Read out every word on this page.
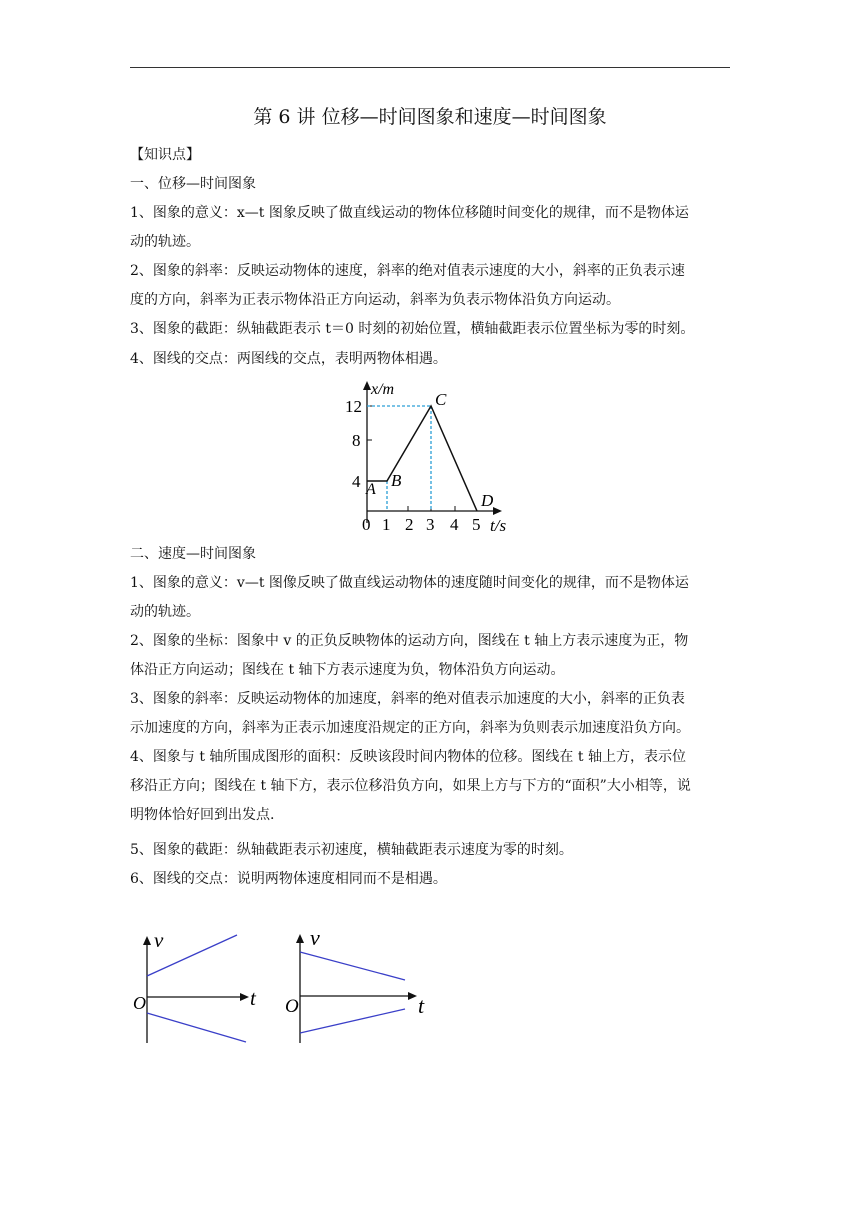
第 6 讲 位移—时间图象和速度—时间图象
【知识点】
一、位移—时间图象
1、图象的意义：x—t 图象反映了做直线运动的物体位移随时间变化的规律，而不是物体运
动的轨迹。
2、图象的斜率：反映运动物体的速度，斜率的绝对值表示速度的大小，斜率的正负表示速
度的方向，斜率为正表示物体沿正方向运动，斜率为负表示物体沿负方向运动。
3、图象的截距：纵轴截距表示 t＝0 时刻的初始位置，横轴截距表示位置坐标为零的时刻。
4、图线的交点：两图线的交点，表明两物体相遇。
12
8
4
0 1 2 3 4 5
x/m
t/s
A B
C
D
二、速度—时间图象
1、图象的意义：v—t 图像反映了做直线运动物体的速度随时间变化的规律，而不是物体运
动的轨迹。
2、图象的坐标：图象中 v 的正负反映物体的运动方向，图线在 t 轴上方表示速度为正，物
体沿正方向运动；图线在 t 轴下方表示速度为负，物体沿负方向运动。
3、图象的斜率：反映运动物体的加速度，斜率的绝对值表示加速度的大小，斜率的正负表
示加速度的方向，斜率为正表示加速度沿规定的正方向，斜率为负则表示加速度沿负方向。
4、图象与 t 轴所围成图形的面积：反映该段时间内物体的位移。图线在 t 轴上方，表示位
移沿正方向；图线在 t 轴下方，表示位移沿负方向，如果上方与下方的“面积”大小相等，说
明物体恰好回到出发点.
5、图象的截距：纵轴截距表示初速度，横轴截距表示速度为零的时刻。
6、图线的交点：说明两物体速度相同而不是相遇。
v
t
O
v
t
O
